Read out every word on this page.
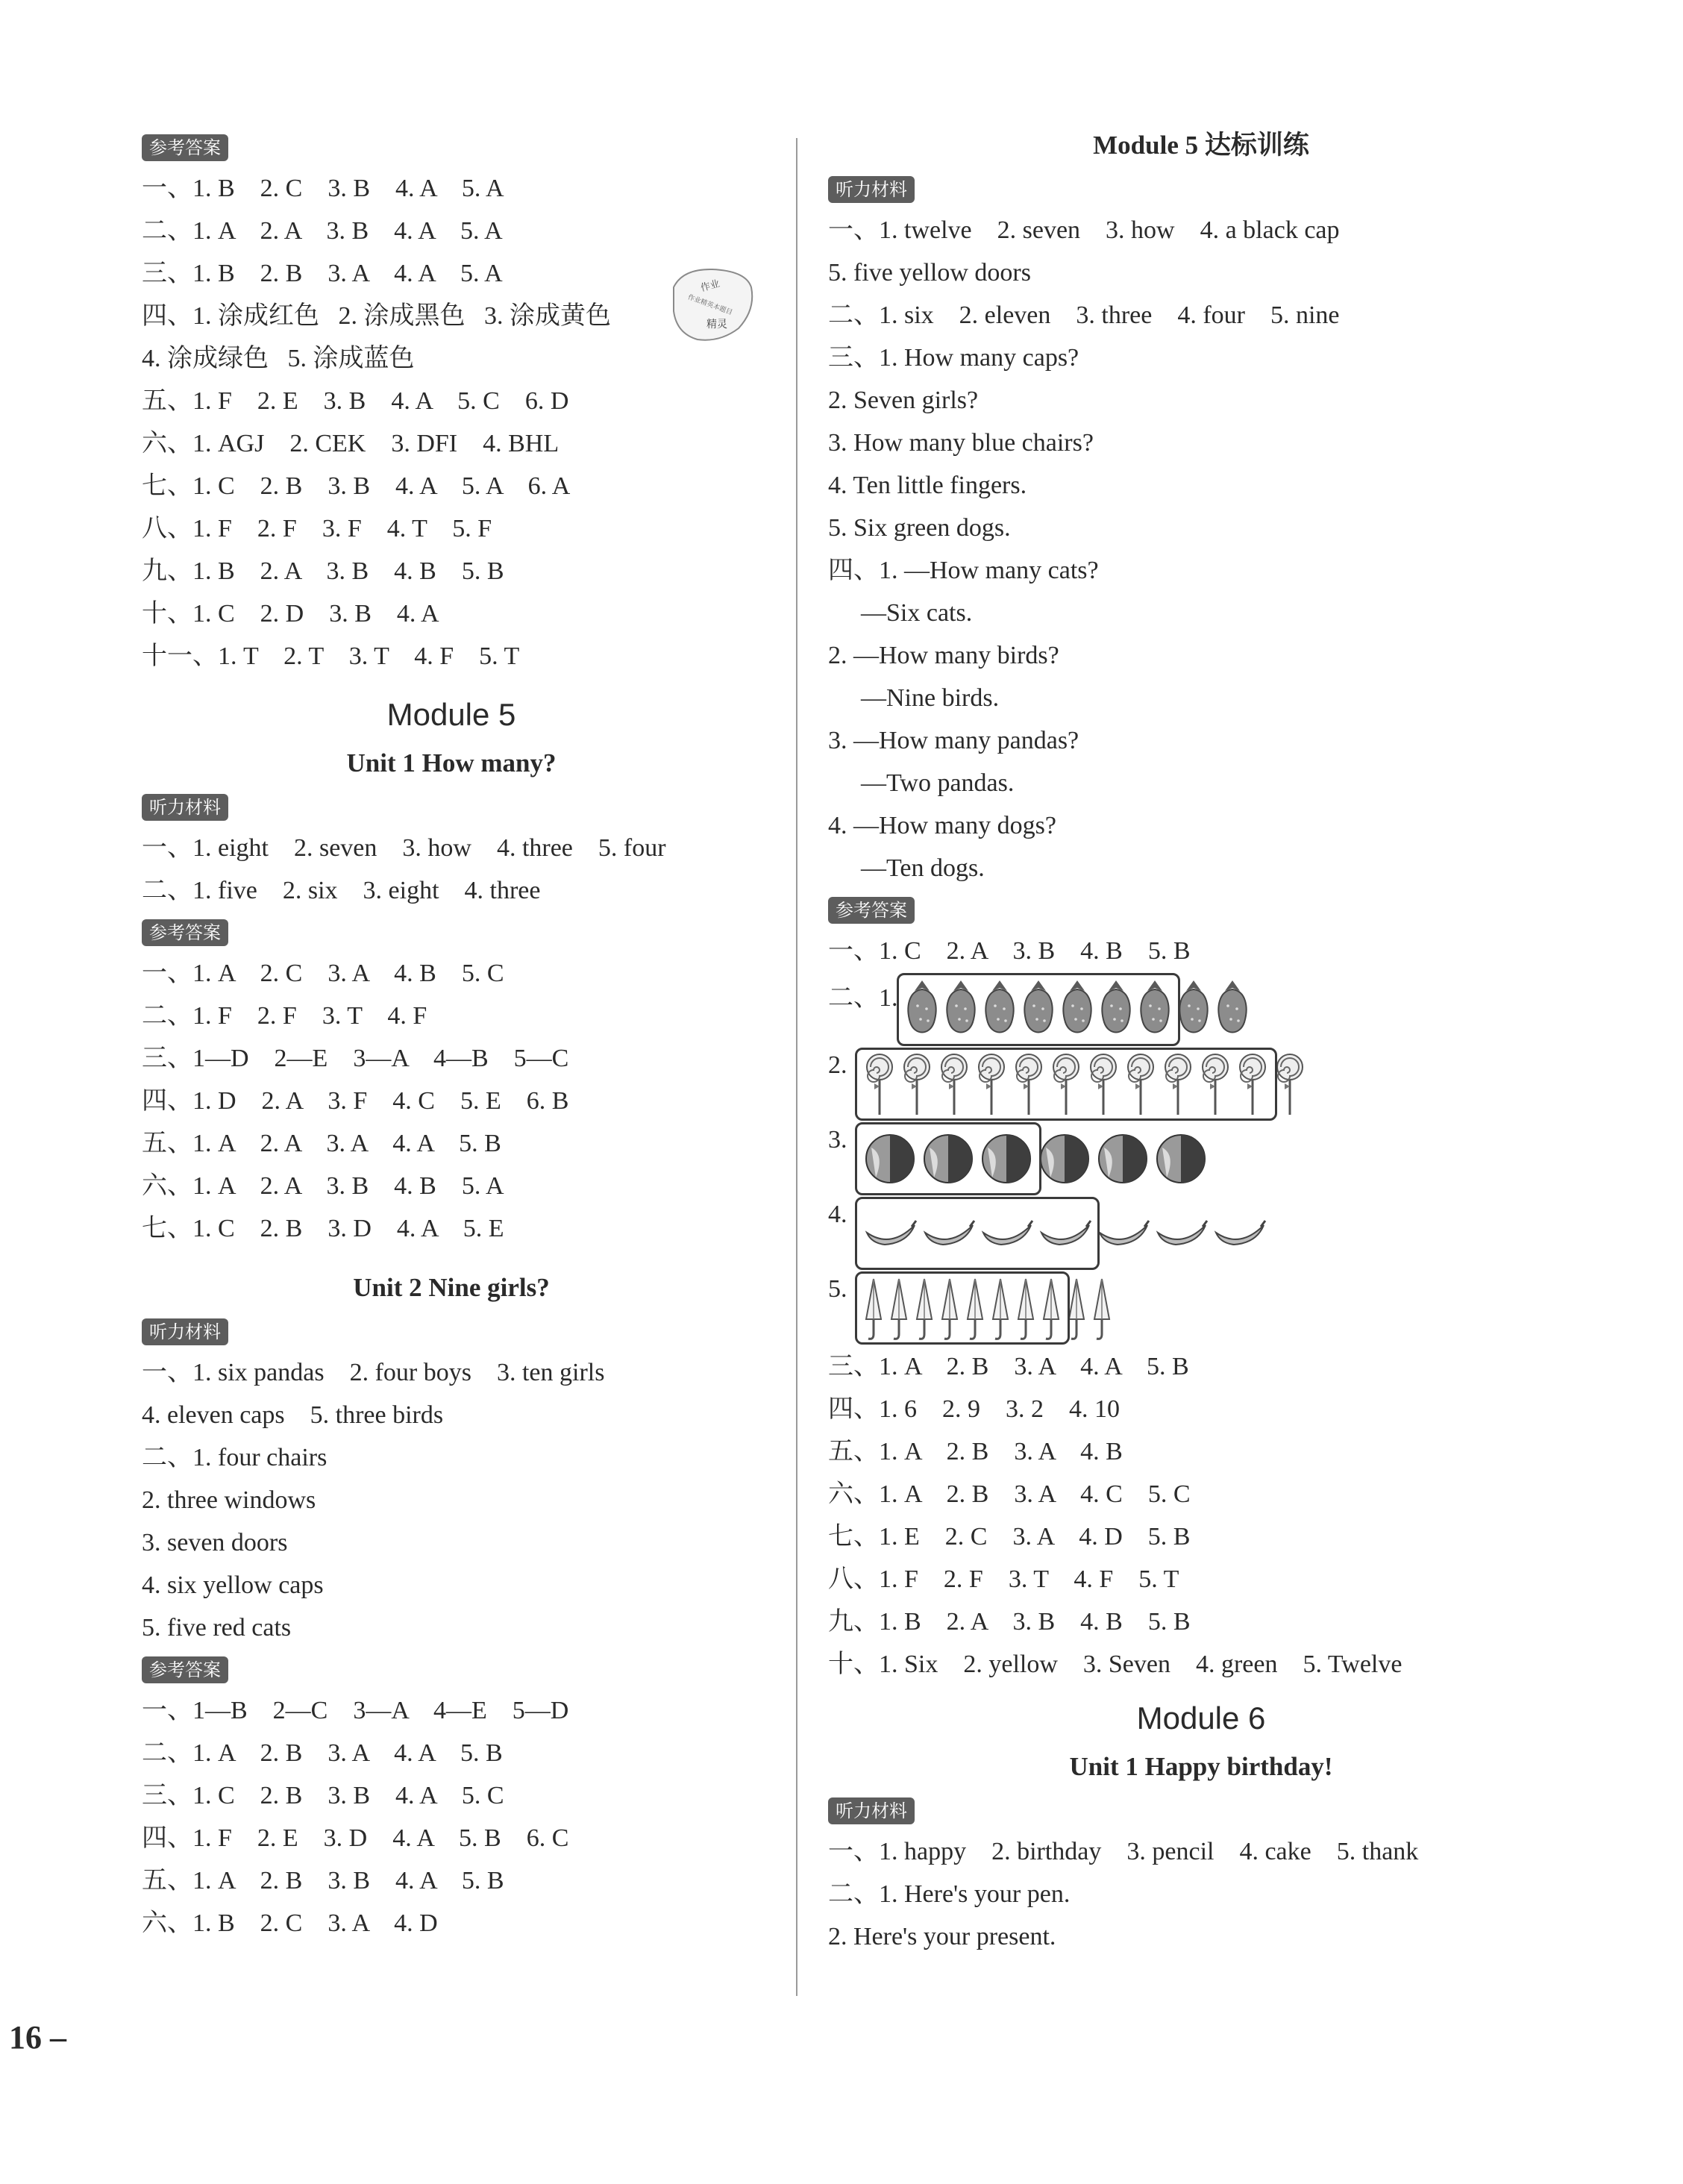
参考答案
一、1. B    2. C    3. B    4. A    5. A
二、1. A    2. A    3. B    4. A    5. A
三、1. B    2. B    3. A    4. A    5. A
四、1. 涂成红色   2. 涂成黑色   3. 涂成黄色
4. 涂成绿色   5. 涂成蓝色
五、1. F    2. E    3. B    4. A    5. C    6. D
六、1. AGJ    2. CEK    3. DFI    4. BHL
七、1. C    2. B    3. B    4. A    5. A    6. A
八、1. F    2. F    3. F    4. T    5. F
九、1. B    2. A    3. B    4. B    5. B
十、1. C    2. D    3. B    4. A
十一、1. T    2. T    3. T    4. F    5. T
Module 5
Unit 1 How many?
听力材料
一、1. eight    2. seven    3. how    4. three    5. four
二、1. five    2. six    3. eight    4. three
参考答案
一、1. A    2. C    3. A    4. B    5. C
二、1. F    2. F    3. T    4. F
三、1—D    2—E    3—A    4—B    5—C
四、1. D    2. A    3. F    4. C    5. E    6. B
五、1. A    2. A    3. A    4. A    5. B
六、1. A    2. A    3. B    4. B    5. A
七、1. C    2. B    3. D    4. A    5. E
Unit 2 Nine girls?
听力材料
一、1. six pandas    2. four boys    3. ten girls
4. eleven caps    5. three birds
二、1. four chairs
2. three windows
3. seven doors
4. six yellow caps
5. five red cats
参考答案
一、1—B    2—C    3—A    4—E    5—D
二、1. A    2. B    3. A    4. A    5. B
三、1. C    2. B    3. B    4. A    5. C
四、1. F    2. E    3. D    4. A    5. B    6. C
五、1. A    2. B    3. B    4. A    5. B
六、1. B    2. C    3. A    4. D
作业
作业精英本题目
精灵
Module 5 达标训练
听力材料
一、1. twelve    2. seven    3. how    4. a black cap
5. five yellow doors
二、1. six    2. eleven    3. three    4. four    5. nine
三、1. How many caps?
2. Seven girls?
3. How many blue chairs?
4. Ten little fingers.
5. Six green dogs.
四、1. —How many cats?
—Six cats.
2. —How many birds?
—Nine birds.
3. —How many pandas?
—Two pandas.
4. —How many dogs?
—Ten dogs.
参考答案
一、1. C    2. A    3. B    4. B    5. B
二、1.
2.
3.
4.
5.
三、1. A    2. B    3. A    4. A    5. B
四、1. 6    2. 9    3. 2    4. 10
五、1. A    2. B    3. A    4. B
六、1. A    2. B    3. A    4. C    5. C
七、1. E    2. C    3. A    4. D    5. B
八、1. F    2. F    3. T    4. F    5. T
九、1. B    2. A    3. B    4. B    5. B
十、1. Six    2. yellow    3. Seven    4. green    5. Twelve
Module 6
Unit 1 Happy birthday!
听力材料
一、1. happy    2. birthday    3. pencil    4. cake    5. thank
二、1. Here's your pen.
2. Here's your present.
16 –
